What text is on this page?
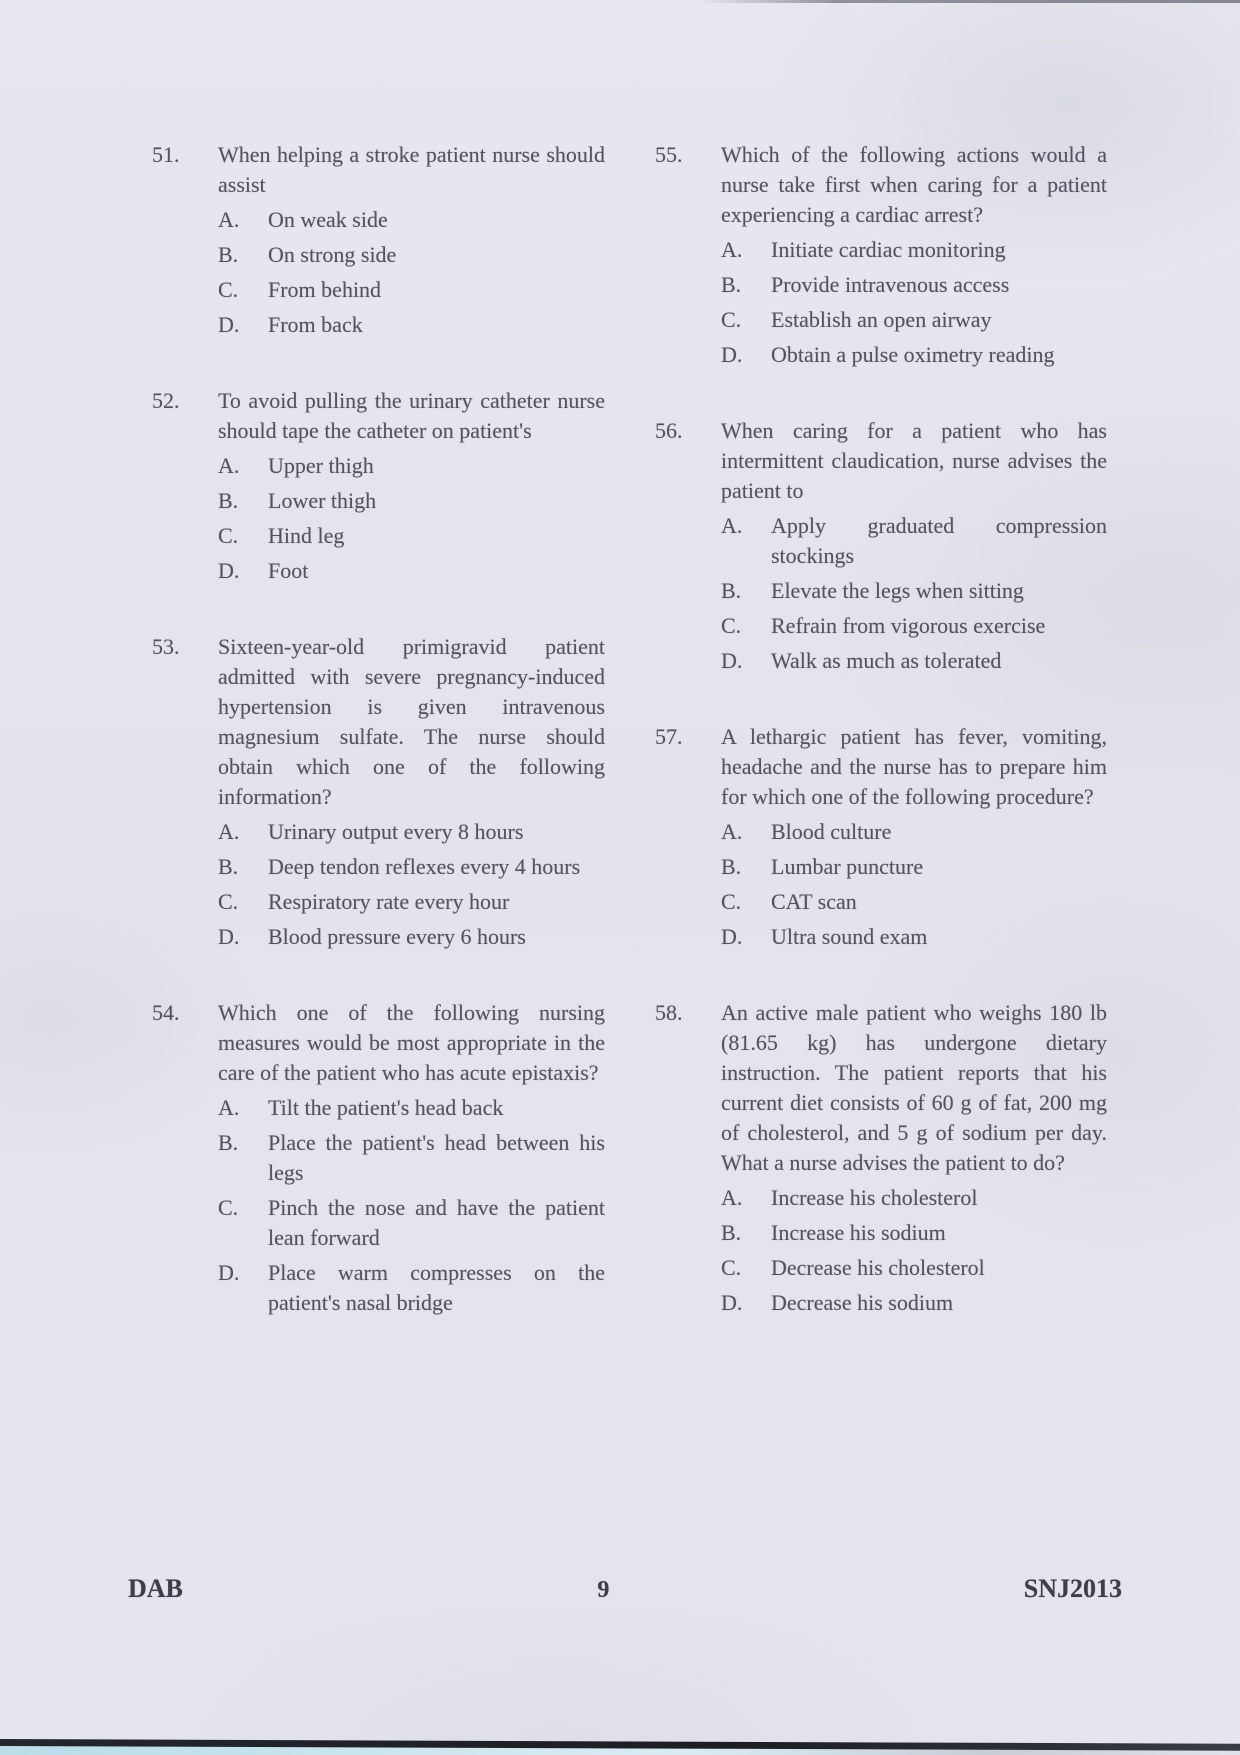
51.	When helping a stroke patient nurse should assist
A.	On weak side
B.	On strong side
C.	From behind
D.	From back
52.	To avoid pulling the urinary catheter nurse should tape the catheter on patient's
A.	Upper thigh
B.	Lower thigh
C.	Hind leg
D.	Foot
53.	Sixteen-year-old primigravid patient admitted with severe pregnancy-induced hypertension is given intravenous magnesium sulfate. The nurse should obtain which one of the following information?
A.	Urinary output every 8 hours
B.	Deep tendon reflexes every 4 hours
C.	Respiratory rate every hour
D.	Blood pressure every 6 hours
54.	Which one of the following nursing measures would be most appropriate in the care of the patient who has acute epistaxis?
A.	Tilt the patient's head back
B.	Place the patient's head between his legs
C.	Pinch the nose and have the patient lean forward
D.	Place warm compresses on the patient's nasal bridge
55.	Which of the following actions would a nurse take first when caring for a patient experiencing a cardiac arrest?
A.	Initiate cardiac monitoring
B.	Provide intravenous access
C.	Establish an open airway
D.	Obtain a pulse oximetry reading
56.	When caring for a patient who has intermittent claudication, nurse advises the patient to
A.	Apply graduated compression stockings
B.	Elevate the legs when sitting
C.	Refrain from vigorous exercise
D.	Walk as much as tolerated
57.	A lethargic patient has fever, vomiting, headache and the nurse has to prepare him for which one of the following procedure?
A.	Blood culture
B.	Lumbar puncture
C.	CAT scan
D.	Ultra sound exam
58.	An active male patient who weighs 180 lb (81.65 kg) has undergone dietary instruction. The patient reports that his current diet consists of 60 g of fat, 200 mg of cholesterol, and 5 g of sodium per day. What a nurse advises the patient to do?
A.	Increase his cholesterol
B.	Increase his sodium
C.	Decrease his cholesterol
D.	Decrease his sodium
DAB	9	SNJ2013
